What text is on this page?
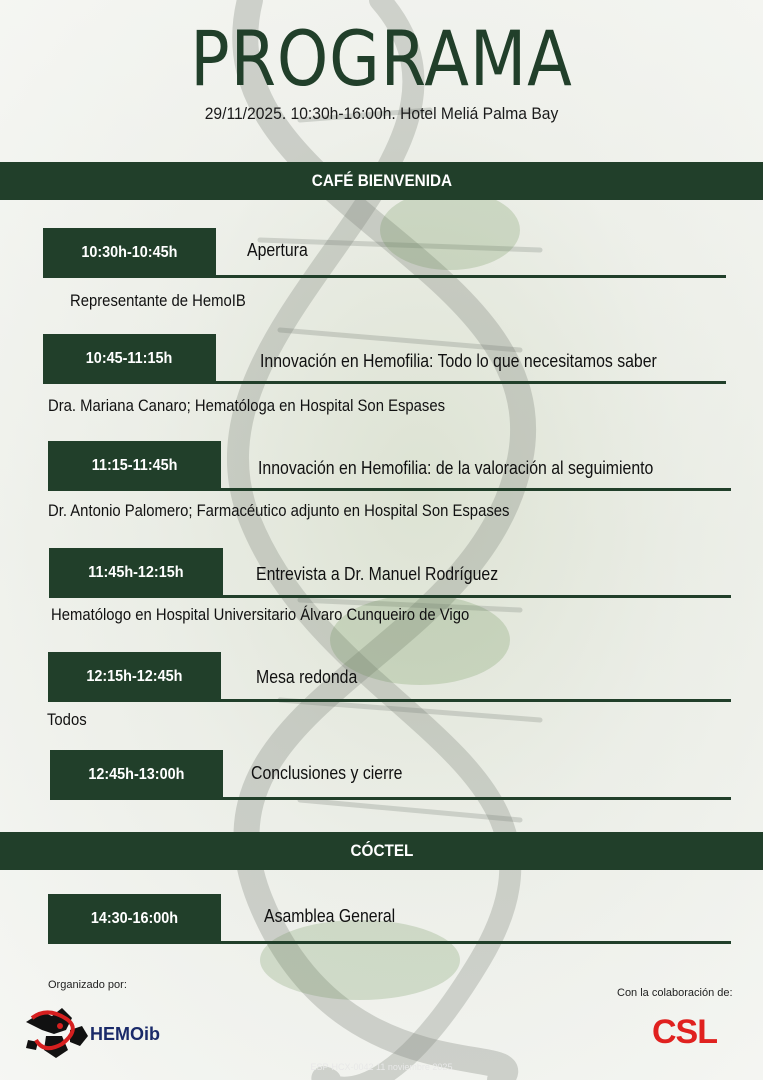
PROGRAMA
29/11/2025. 10:30h-16:00h. Hotel Meliá Palma Bay
CAFÉ BIENVENIDA
10:30h-10:45h	Apertura
Representante de HemoIB
10:45-11:15h	Innovación en Hemofilia: Todo lo que necesitamos saber
Dra. Mariana Canaro; Hematóloga en Hospital Son Espases
11:15-11:45h	Innovación en Hemofilia: de la valoración al seguimiento
Dr. Antonio Palomero; Farmacéutico adjunto en Hospital Son Espases
11:45h-12:15h	Entrevista a Dr. Manuel Rodríguez
Hematólogo en Hospital Universitario Álvaro Cunqueiro de Vigo
12:15h-12:45h	Mesa redonda
Todos
12:45h-13:00h	Conclusiones y cierre
CÓCTEL
14:30-16:00h	Asamblea General
Organizado por:
HEMOib
Con la colaboración de:
CSL
ESP-HCX-0042 11 noviembre 2025
